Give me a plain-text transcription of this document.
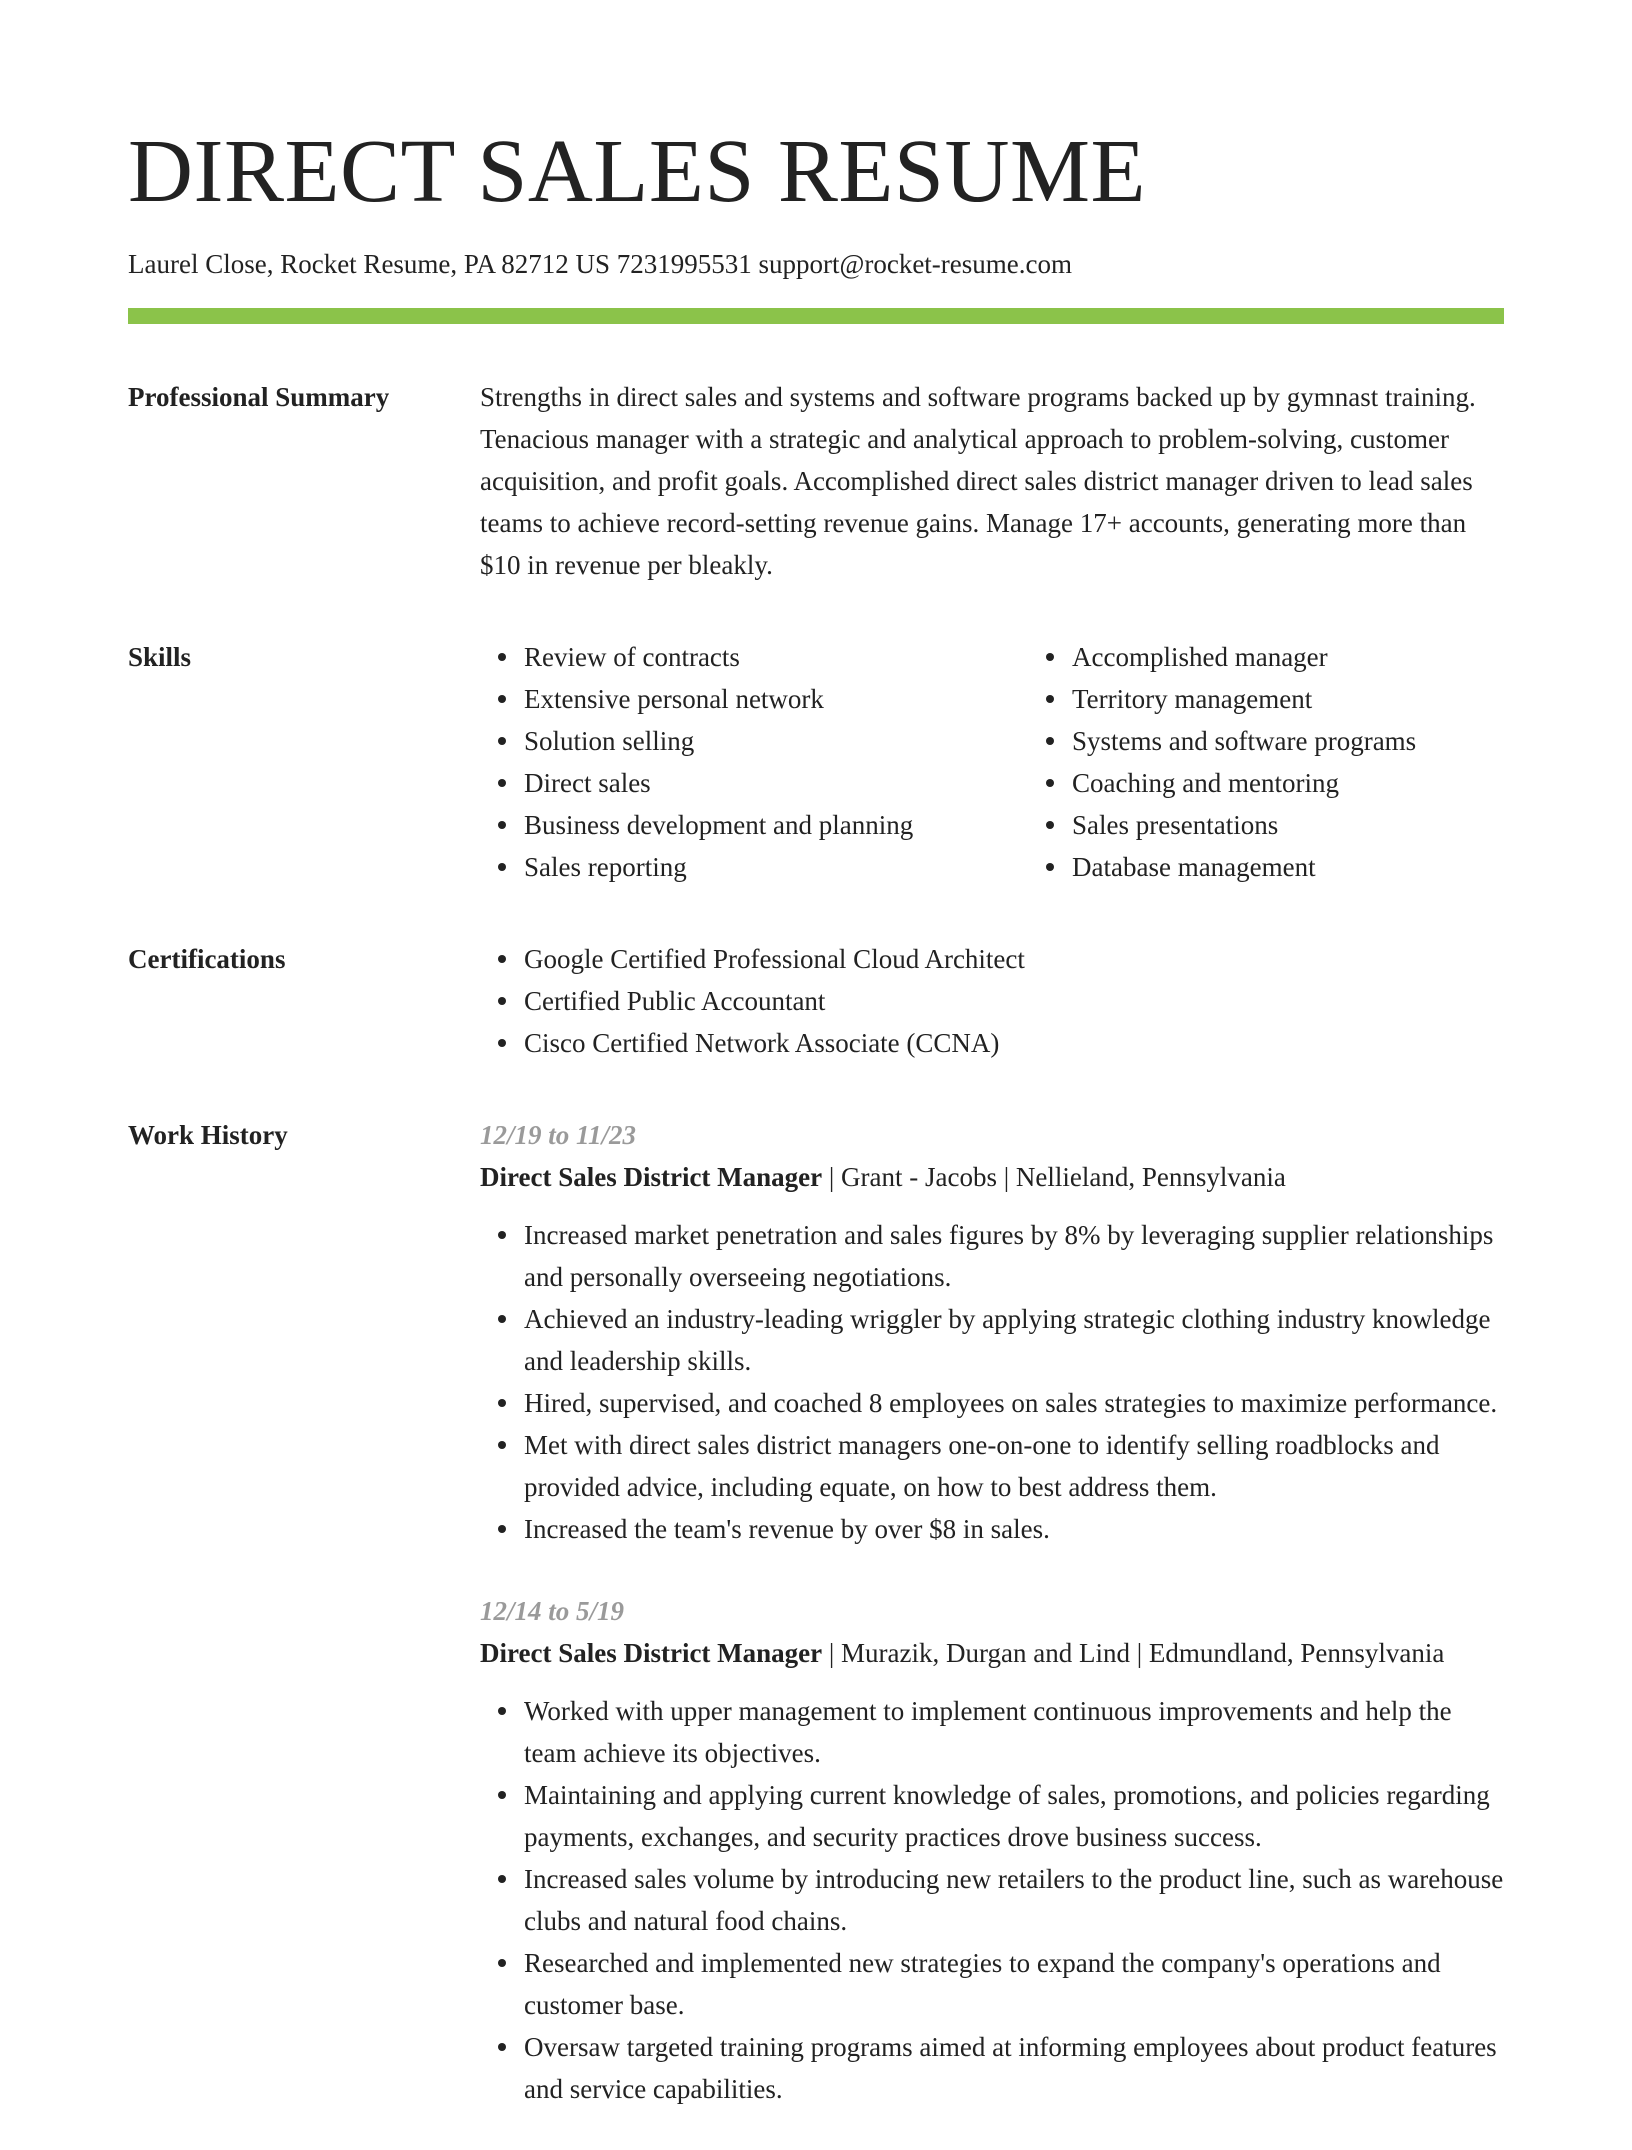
DIRECT SALES RESUME
Laurel Close, Rocket Resume, PA 82712 US 7231995531 support@rocket-resume.com
Professional Summary	Strengths in direct sales and systems and software programs backed up by gymnast training. Tenacious manager with a strategic and analytical approach to problem-solving, customer acquisition, and profit goals. Accomplished direct sales district manager driven to lead sales teams to achieve record-setting revenue gains. Manage 17+ accounts, generating more than $10 in revenue per bleakly.

Skills	Review of contracts
Extensive personal network
Solution selling
Direct sales
Business development and planning
Sales reporting
Accomplished manager
Territory management
Systems and software programs
Coaching and mentoring
Sales presentations
Database management
Certifications	Google Certified Professional Cloud Architect
Certified Public Accountant
Cisco Certified Network Associate (CCNA)
Work History	12/19 to 11/23
Direct Sales District Manager | Grant - Jacobs | Nellieland, Pennsylvania
Increased market penetration and sales figures by 8% by leveraging supplier relationships and personally overseeing negotiations.
Achieved an industry-leading wriggler by applying strategic clothing industry knowledge and leadership skills.
Hired, supervised, and coached 8 employees on sales strategies to maximize performance.
Met with direct sales district managers one-on-one to identify selling roadblocks and provided advice, including equate, on how to best address them.
Increased the team's revenue by over $8 in sales.
12/14 to 5/19
Direct Sales District Manager | Murazik, Durgan and Lind | Edmundland, Pennsylvania
Worked with upper management to implement continuous improvements and help the team achieve its objectives.
Maintaining and applying current knowledge of sales, promotions, and policies regarding payments, exchanges, and security practices drove business success.
Increased sales volume by introducing new retailers to the product line, such as warehouse clubs and natural food chains.
Researched and implemented new strategies to expand the company's operations and customer base.
Oversaw targeted training programs aimed at informing employees about product features and service capabilities.
